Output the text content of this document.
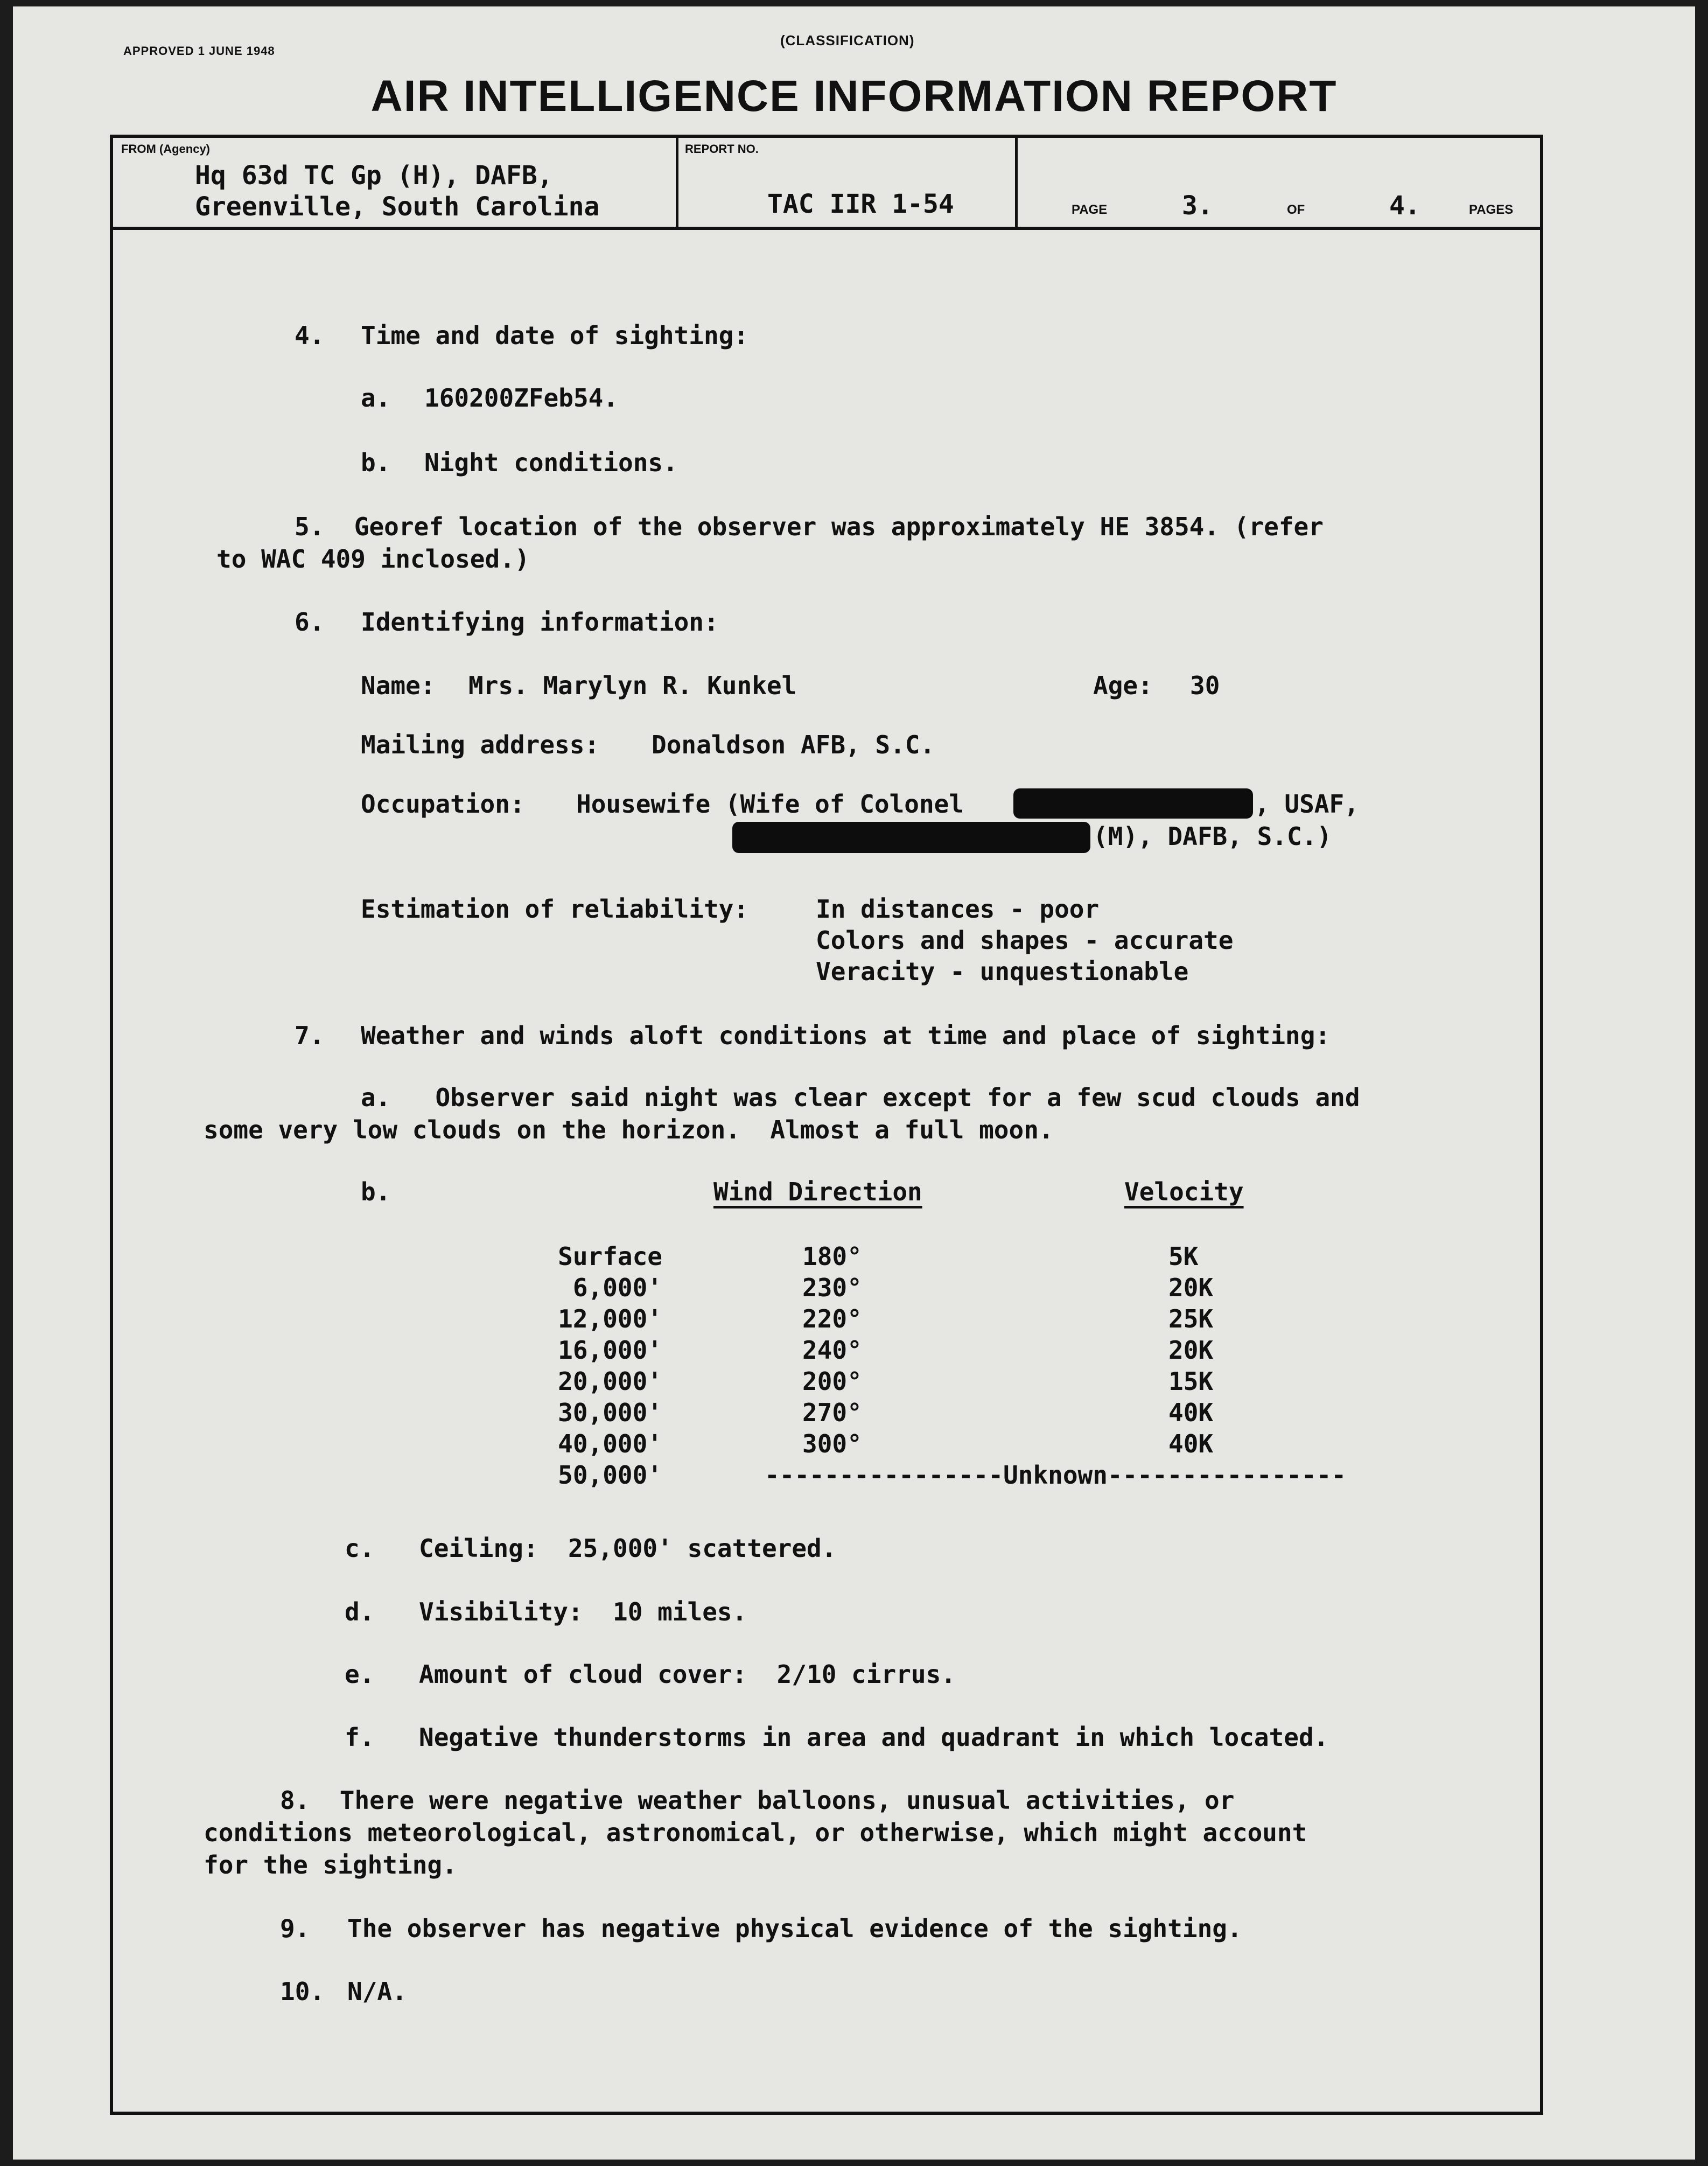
APPROVED 1 JUNE 1948
(CLASSIFICATION)
AIR INTELLIGENCE INFORMATION REPORT
FROM (Agency)
Hq 63d TC Gp (H), DAFB,
Greenville, South Carolina
REPORT NO.
TAC IIR 1-54	PAGE	3.	OF	4.	PAGES
4. Time and date of sighting:
a. 160200ZFeb54.
b. Night conditions.
5.  Georef location of the observer was approximately HE 3854. (refer
to WAC 409 inclosed.)
6. Identifying information:
Name: Mrs. Marylyn R. Kunkel	Age: 30
Mailing address: Donaldson AFB, S.C.
Occupation: Housewife (Wife of Colonel	, USAF,
(M), DAFB, S.C.)
Estimation of reliability:	In distances - poor
Colors and shapes - accurate
Veracity - unquestionable
7. Weather and winds aloft conditions at time and place of sighting:
a.   Observer said night was clear except for a few scud clouds and
some very low clouds on the horizon.  Almost a full moon.
b.	Wind Direction	Velocity
Surface	180°	5K
6,000'	230°	20K
12,000'	220°	25K
16,000'	240°	20K
20,000'	200°	15K
30,000'	270°	40K
40,000'	300°	40K
50,000'	----------------Unknown----------------
c. Ceiling:  25,000' scattered.
d. Visibility:  10 miles.
e. Amount of cloud cover:  2/10 cirrus.
f. Negative thunderstorms in area and quadrant in which located.
8.  There were negative weather balloons, unusual activities, or
conditions meteorological, astronomical, or otherwise, which might account
for the sighting.
9. The observer has negative physical evidence of the sighting.
10. N/A.
